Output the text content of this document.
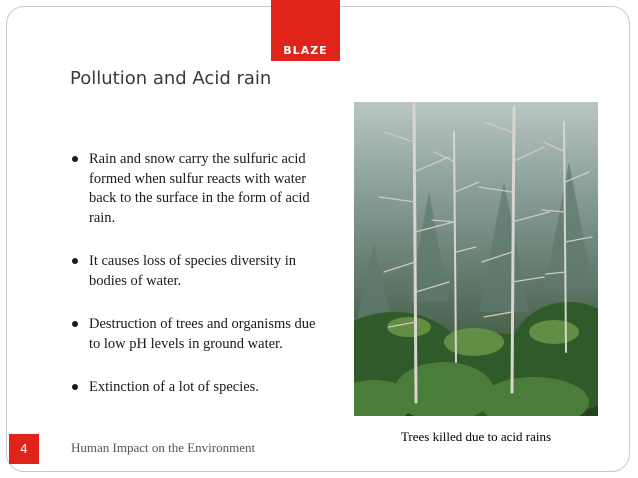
BLAZE
Pollution and Acid rain
Rain and snow carry the sulfuric acid formed when sulfur reacts with water back to the surface in the form of acid rain.
It causes loss of species diversity in bodies of water.
Destruction of trees and organisms due to low pH levels in ground water.
Extinction of a lot of species.
Trees killed due to acid rains
4	Human Impact on the Environment
